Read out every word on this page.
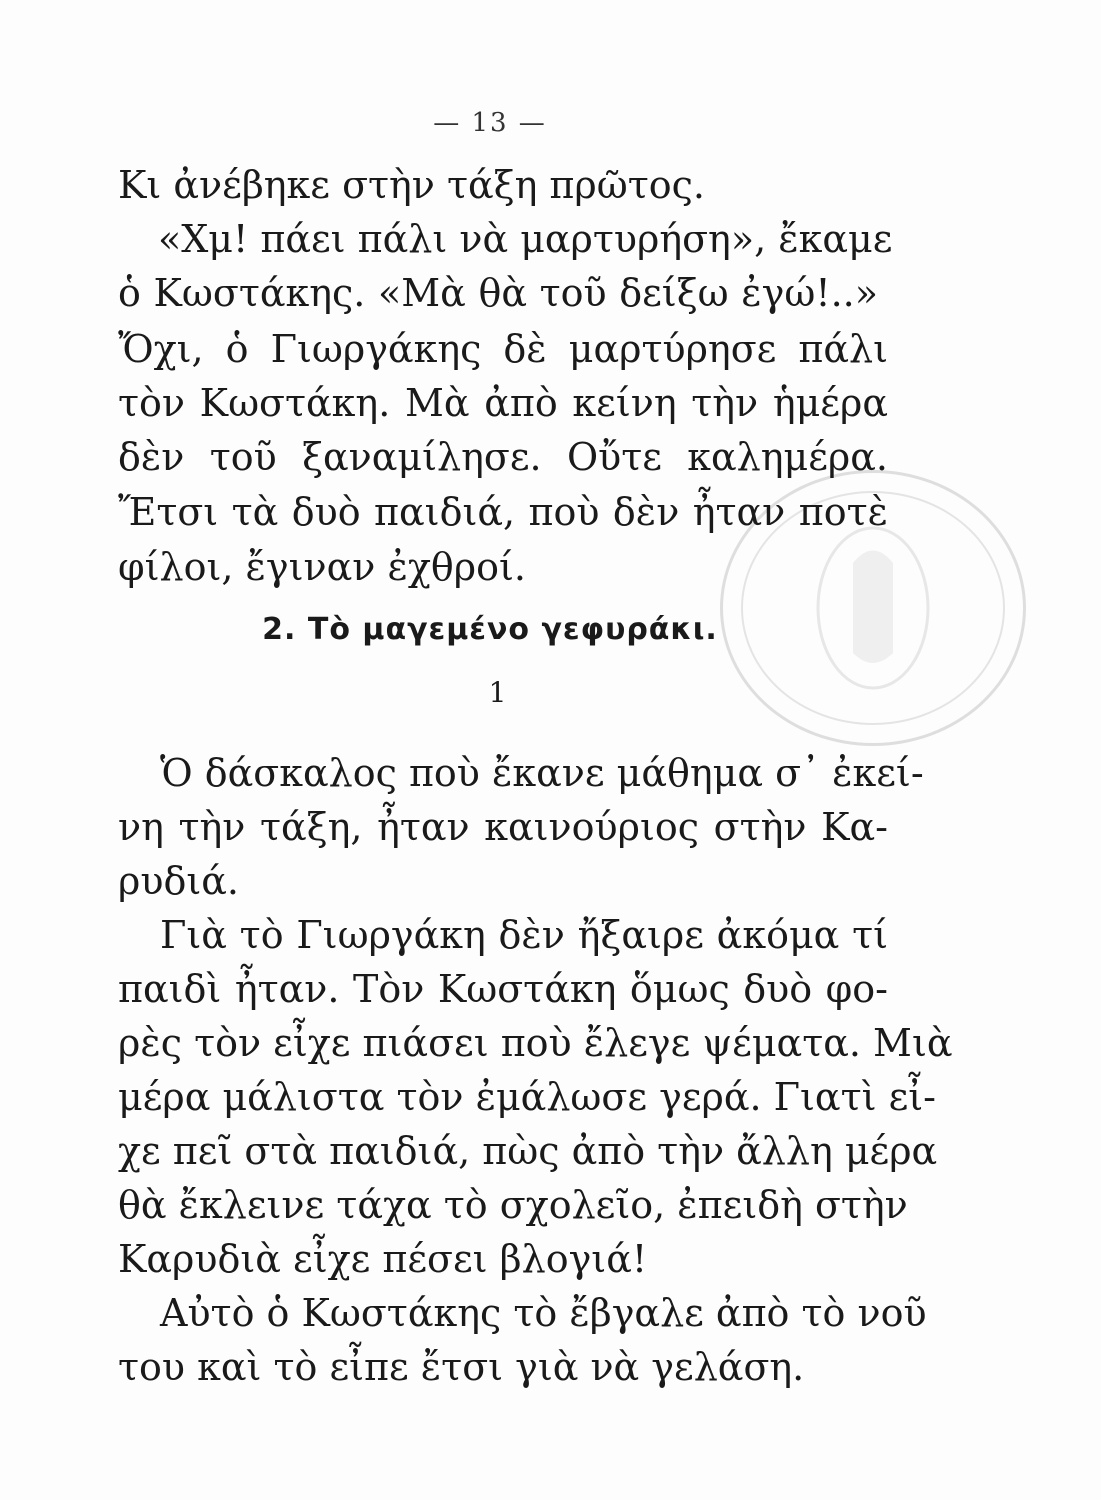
— 13 —
Κι ἀνέβηκε στὴν τάξη πρῶτος.
«Χμ! πάει πάλι νὰ μαρτυρήση», ἔκαμε
ὁ Κωστάκης. «Μὰ θὰ τοῦ δείξω ἐγώ!..»
Ὄχι, ὁ Γιωργάκης δὲ μαρτύρησε πάλι
τὸν Κωστάκη. Μὰ ἀπὸ κείνη τὴν ἡμέρα
δὲν τοῦ ξαναμίλησε. Οὔτε καλημέρα.
Ἔτσι τὰ δυὸ παιδιά, ποὺ δὲν ἦταν ποτὲ
φίλοι, ἔγιναν ἐχθροί.
2. Τὸ μαγεμένο γεφυράκι.
1
Ὁ δάσκαλος ποὺ ἔκανε μάθημα σ᾿ ἐκεί-
νη τὴν τάξη, ἦταν καινούριος στὴν Κα-
ρυδιά.
Γιὰ τὸ Γιωργάκη δὲν ἤξαιρε ἀκόμα τί
παιδὶ ἦταν. Τὸν Κωστάκη ὅμως δυὸ φο-
ρὲς τὸν εἶχε πιάσει ποὺ ἔλεγε ψέματα. Μιὰ
μέρα μάλιστα τὸν ἐμάλωσε γερά. Γιατὶ εἶ-
χε πεῖ στὰ παιδιά, πὼς ἀπὸ τὴν ἄλλη μέρα
θὰ ἔκλεινε τάχα τὸ σχολεῖο, ἐπειδὴ στὴν
Καρυδιὰ εἶχε πέσει βλογιά!
Αὐτὸ ὁ Κωστάκης τὸ ἔβγαλε ἀπὸ τὸ νοῦ
του καὶ τὸ εἶπε ἔτσι γιὰ νὰ γελάση.
